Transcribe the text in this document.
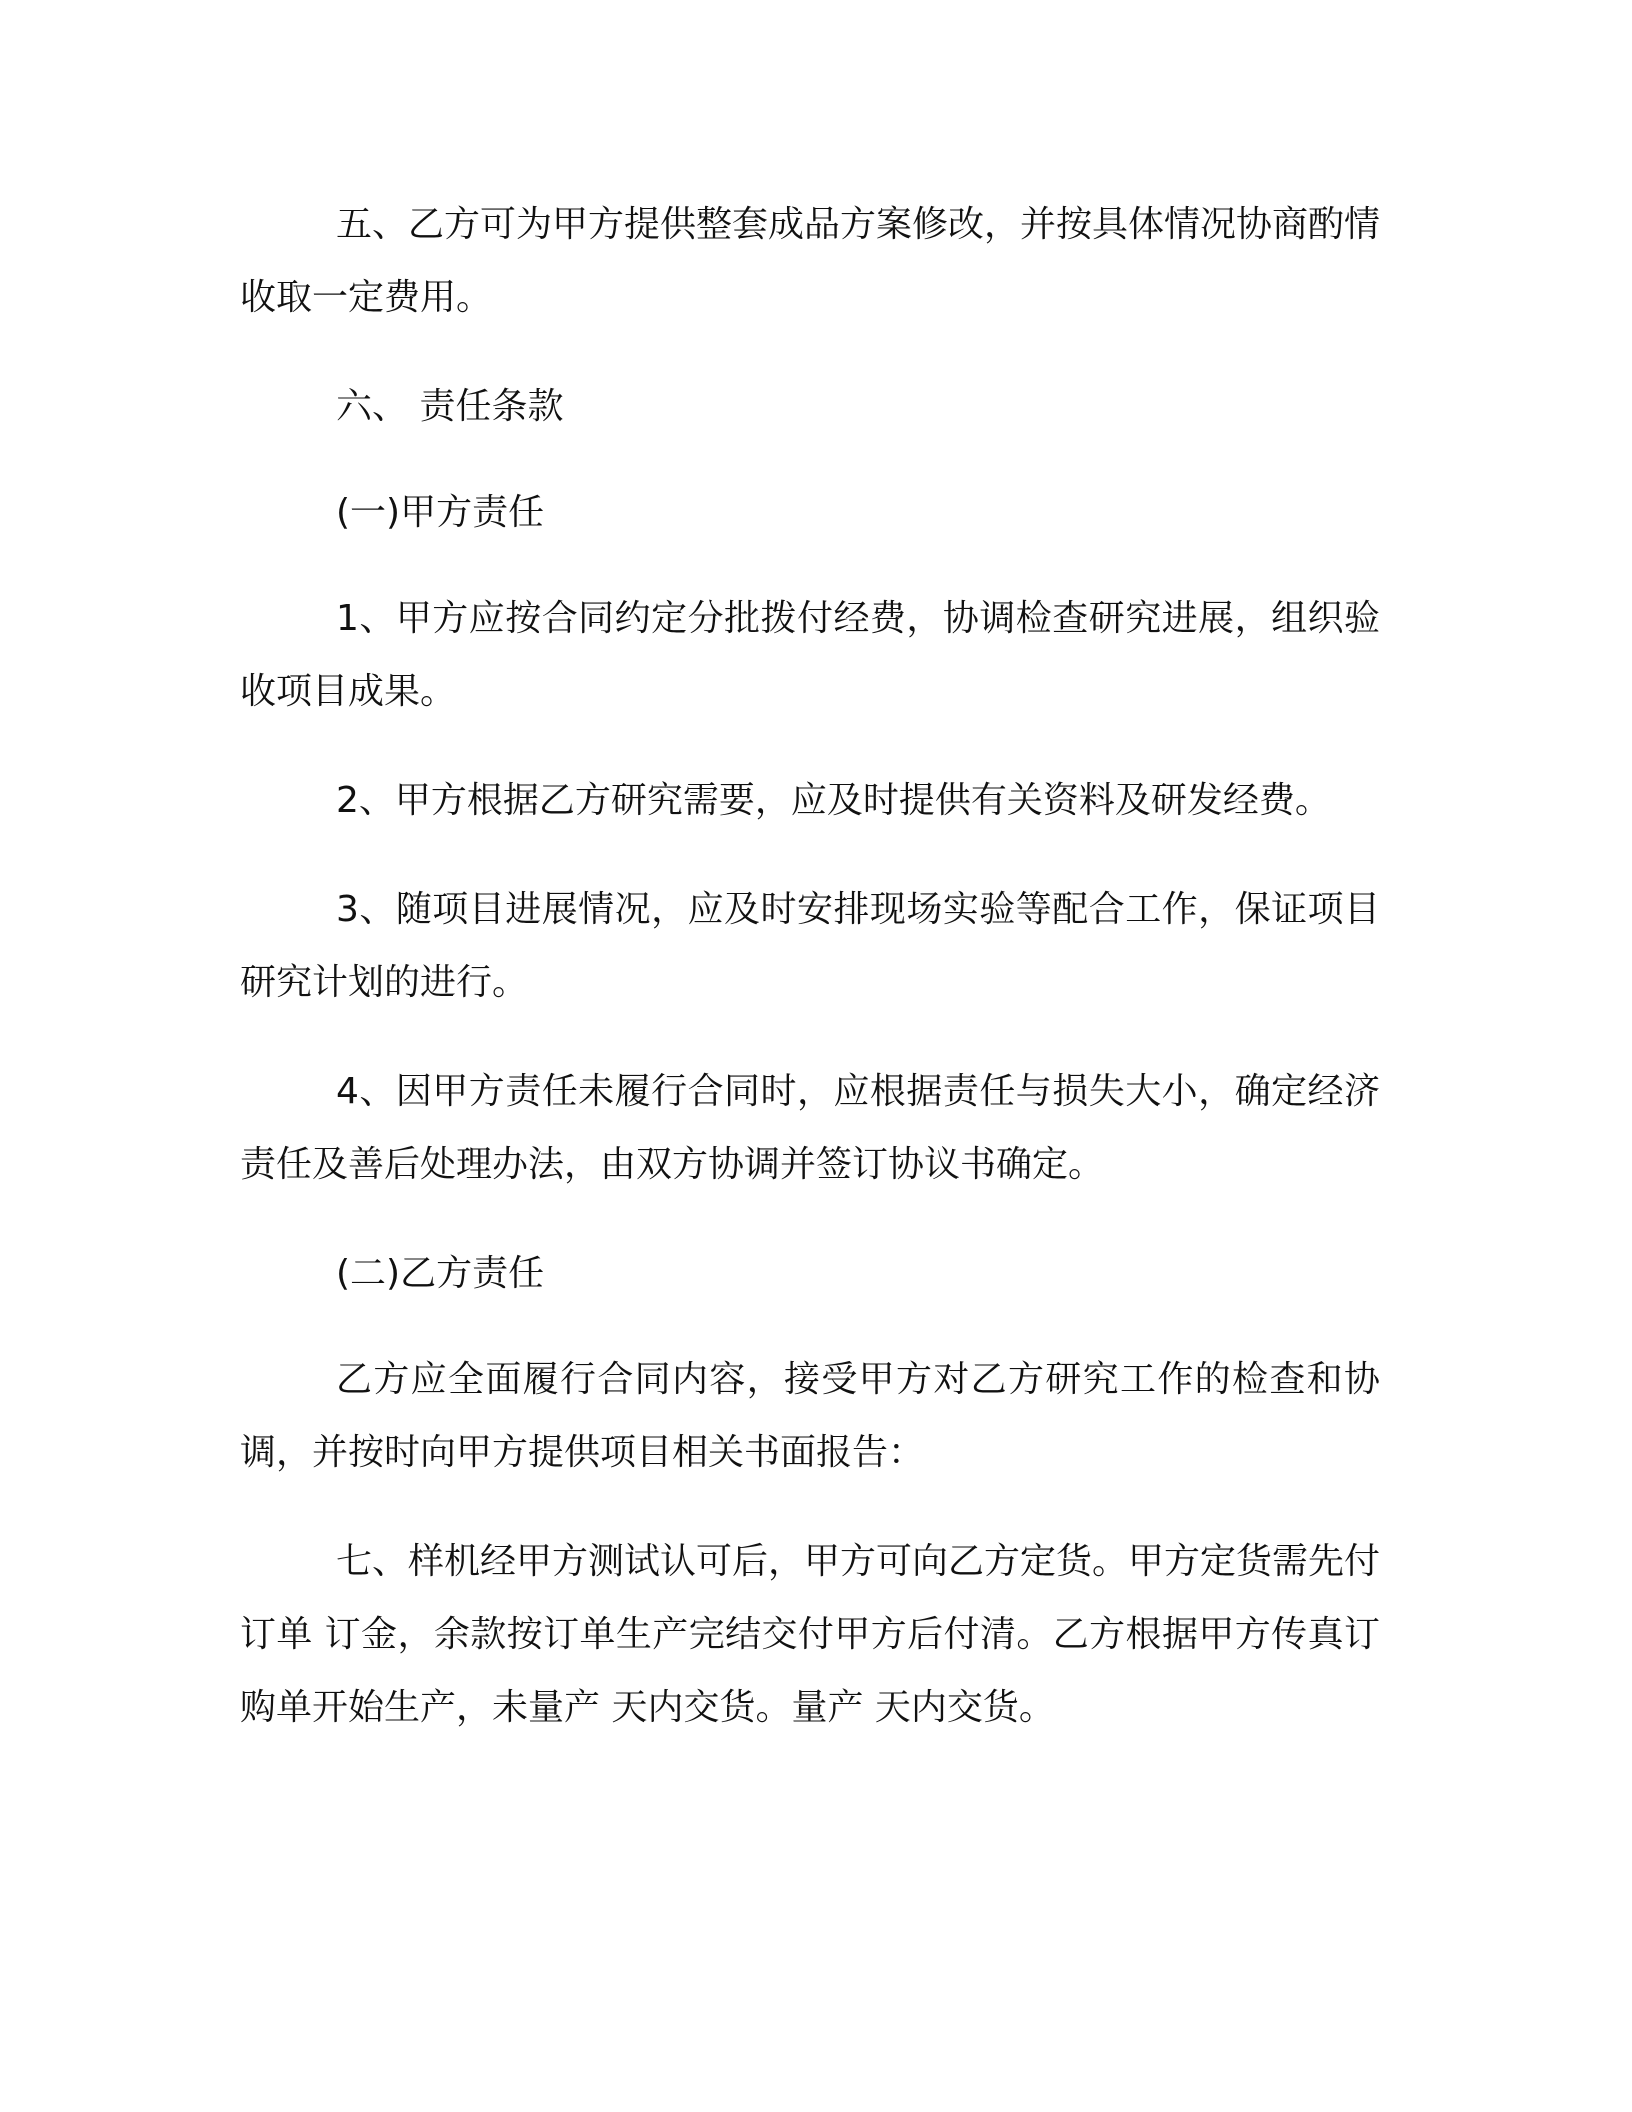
五、乙方可为甲方提供整套成品方案修改，并按具体情况协商酌情收取一定费用。

六、 责任条款

(一)甲方责任

1、甲方应按合同约定分批拨付经费，协调检查研究进展，组织验收项目成果。

2、甲方根据乙方研究需要，应及时提供有关资料及研发经费。

3、随项目进展情况，应及时安排现场实验等配合工作，保证项目研究计划的进行。

4、因甲方责任未履行合同时，应根据责任与损失大小，确定经济责任及善后处理办法，由双方协调并签订协议书确定。

(二)乙方责任

乙方应全面履行合同内容，接受甲方对乙方研究工作的检查和协调，并按时向甲方提供项目相关书面报告：

七、样机经甲方测试认可后，甲方可向乙方定货。甲方定货需先付订单 订金，余款按订单生产完结交付甲方后付清。乙方根据甲方传真订购单开始生产，未量产 天内交货。量产 天内交货。
